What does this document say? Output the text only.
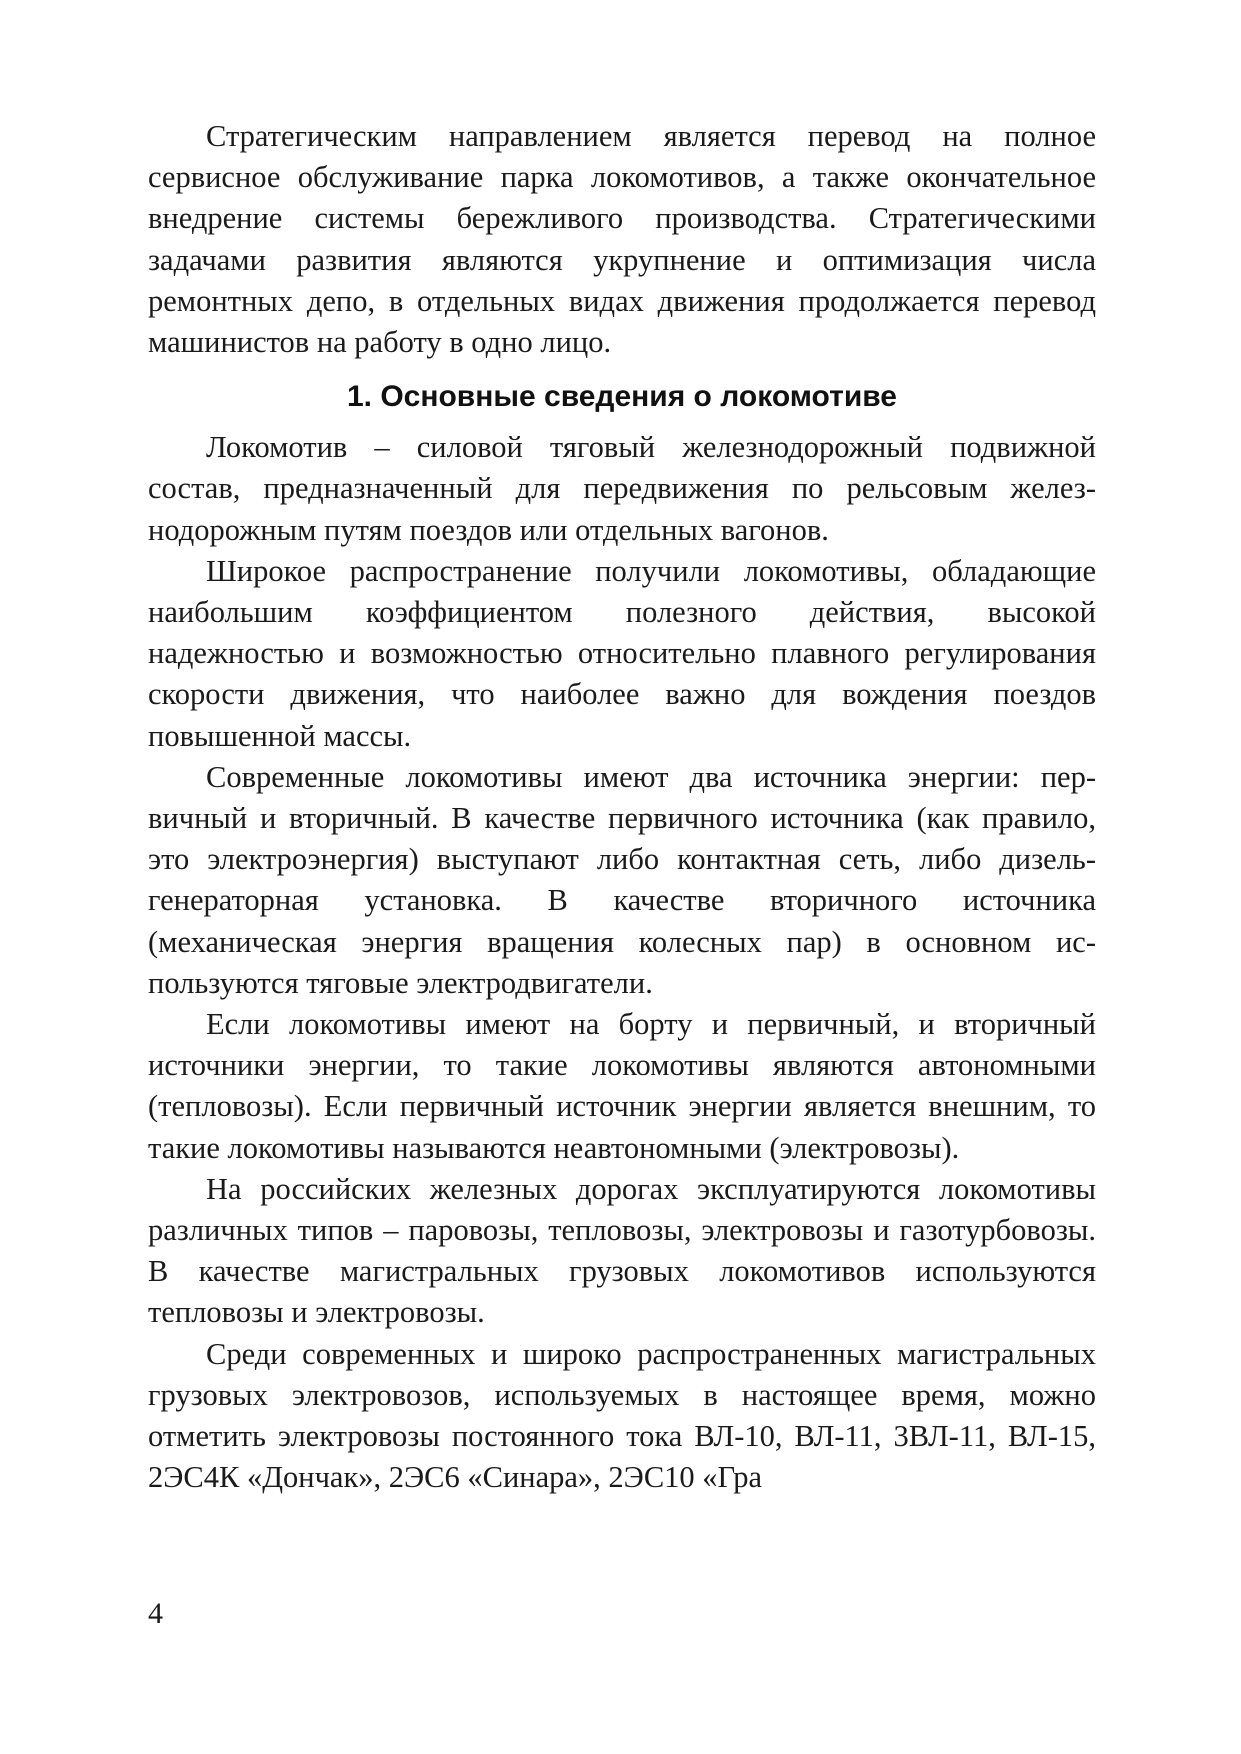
Стратегическим направлением является перевод на полное сервисное обслуживание парка локомотивов, а также окончательное внедрение системы бережливого производства. Стратегическими задачами развития являются укрупнение и оптимизация числа ремонтных депо, в отдельных видах движения продолжается перевод машинистов на работу в одно лицо.

1. Основные сведения о локомотиве

Локомотив – силовой тяговый железнодорожный подвижной состав, предназначенный для передвижения по рельсовым железнодорожным путям поездов или отдельных вагонов.

Широкое распространение получили локомотивы, обладающие наибольшим коэффициентом полезного действия, высокой надежностью и возможностью относительно плавного регулирования скорости движения, что наиболее важно для вождения поездов повышенной массы.

Современные локомотивы имеют два источника энергии: первичный и вторичный. В качестве первичного источника (как правило, это электроэнергия) выступают либо контактная сеть, либо дизель-генераторная установка. В качестве вторичного источника (механическая энергия вращения колесных пар) в основном используются тяговые электродвигатели.

Если локомотивы имеют на борту и первичный, и вторичный источники энергии, то такие локомотивы являются автономными (тепловозы). Если первичный источник энергии является внешним, то такие локомотивы называются неавтономными (электровозы).

На российских железных дорогах эксплуатируются локомотивы различных типов – паровозы, тепловозы, электровозы и газотурбовозы. В качестве магистральных грузовых локомотивов используются тепловозы и электровозы.

Среди современных и широко распространенных магистральных грузовых электровозов, используемых в настоящее время, можно отметить электровозы постоянного тока ВЛ-10, ВЛ-11, 3ВЛ-11, ВЛ-15, 2ЭС4К «Дончак», 2ЭС6 «Синара», 2ЭС10 «Гра

4
